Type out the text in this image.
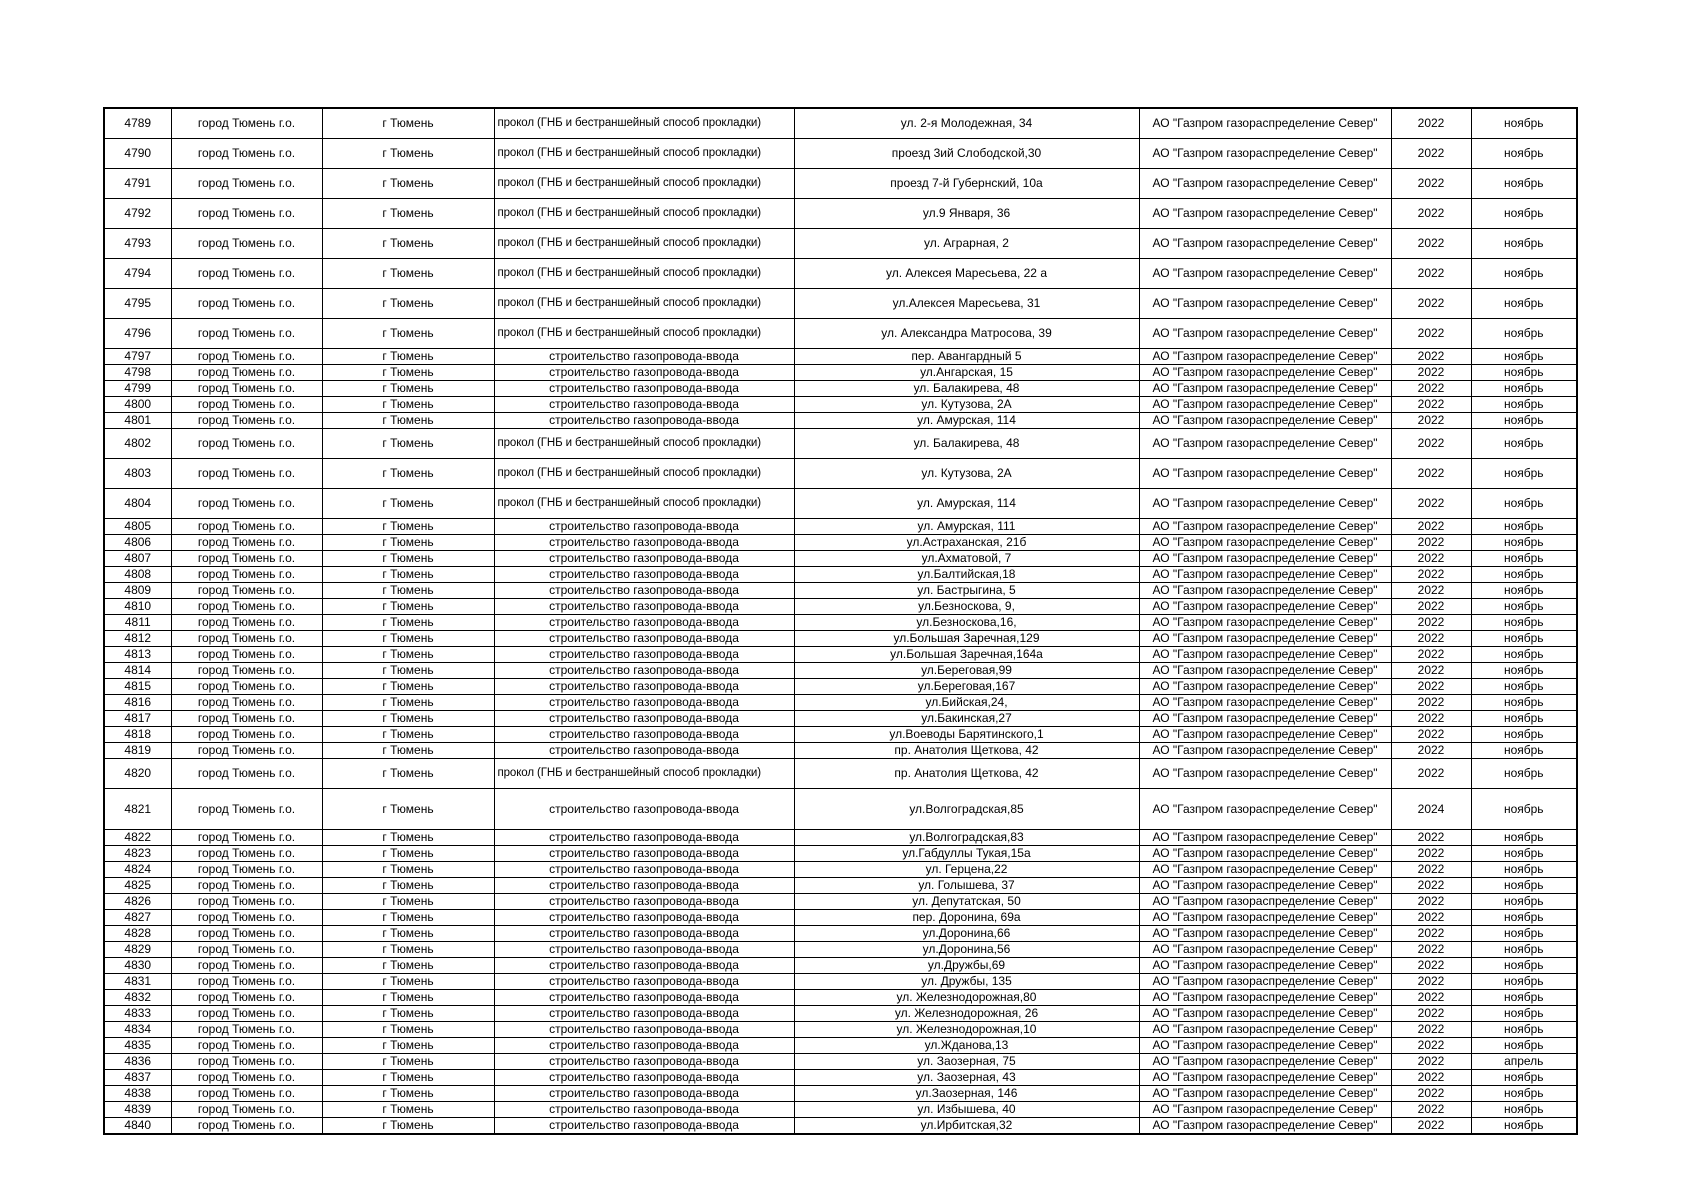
4789	город Тюмень г.о.	г Тюмень	прокол (ГНБ и бестраншейный способ прокладки)	ул. 2-я Молодежная, 34	АО "Газпром газораспределение Север"	2022	ноябрь
4790	город Тюмень г.о.	г Тюмень	прокол (ГНБ и бестраншейный способ прокладки)	проезд 3ий Слободской,30	АО "Газпром газораспределение Север"	2022	ноябрь
4791	город Тюмень г.о.	г Тюмень	прокол (ГНБ и бестраншейный способ прокладки)	проезд 7-й Губернский, 10а	АО "Газпром газораспределение Север"	2022	ноябрь
4792	город Тюмень г.о.	г Тюмень	прокол (ГНБ и бестраншейный способ прокладки)	ул.9 Января, 36	АО "Газпром газораспределение Север"	2022	ноябрь
4793	город Тюмень г.о.	г Тюмень	прокол (ГНБ и бестраншейный способ прокладки)	ул. Аграрная, 2	АО "Газпром газораспределение Север"	2022	ноябрь
4794	город Тюмень г.о.	г Тюмень	прокол (ГНБ и бестраншейный способ прокладки)	ул. Алексея Маресьева, 22 а	АО "Газпром газораспределение Север"	2022	ноябрь
4795	город Тюмень г.о.	г Тюмень	прокол (ГНБ и бестраншейный способ прокладки)	ул.Алексея Маресьева, 31	АО "Газпром газораспределение Север"	2022	ноябрь
4796	город Тюмень г.о.	г Тюмень	прокол (ГНБ и бестраншейный способ прокладки)	ул. Александра Матросова, 39	АО "Газпром газораспределение Север"	2022	ноябрь
4797	город Тюмень г.о.	г Тюмень	строительство газопровода-ввода	пер. Авангардный 5	АО "Газпром газораспределение Север"	2022	ноябрь
4798	город Тюмень г.о.	г Тюмень	строительство газопровода-ввода	ул.Ангарская, 15	АО "Газпром газораспределение Север"	2022	ноябрь
4799	город Тюмень г.о.	г Тюмень	строительство газопровода-ввода	ул. Балакирева, 48	АО "Газпром газораспределение Север"	2022	ноябрь
4800	город Тюмень г.о.	г Тюмень	строительство газопровода-ввода	ул. Кутузова, 2А	АО "Газпром газораспределение Север"	2022	ноябрь
4801	город Тюмень г.о.	г Тюмень	строительство газопровода-ввода	ул. Амурская, 114	АО "Газпром газораспределение Север"	2022	ноябрь
4802	город Тюмень г.о.	г Тюмень	прокол (ГНБ и бестраншейный способ прокладки)	ул. Балакирева, 48	АО "Газпром газораспределение Север"	2022	ноябрь
4803	город Тюмень г.о.	г Тюмень	прокол (ГНБ и бестраншейный способ прокладки)	ул. Кутузова, 2А	АО "Газпром газораспределение Север"	2022	ноябрь
4804	город Тюмень г.о.	г Тюмень	прокол (ГНБ и бестраншейный способ прокладки)	ул. Амурская, 114	АО "Газпром газораспределение Север"	2022	ноябрь
4805	город Тюмень г.о.	г Тюмень	строительство газопровода-ввода	ул. Амурская, 111	АО "Газпром газораспределение Север"	2022	ноябрь
4806	город Тюмень г.о.	г Тюмень	строительство газопровода-ввода	ул.Астраханская, 21б	АО "Газпром газораспределение Север"	2022	ноябрь
4807	город Тюмень г.о.	г Тюмень	строительство газопровода-ввода	ул.Ахматовой, 7	АО "Газпром газораспределение Север"	2022	ноябрь
4808	город Тюмень г.о.	г Тюмень	строительство газопровода-ввода	ул.Балтийская,18	АО "Газпром газораспределение Север"	2022	ноябрь
4809	город Тюмень г.о.	г Тюмень	строительство газопровода-ввода	ул. Бастрыгина, 5	АО "Газпром газораспределение Север"	2022	ноябрь
4810	город Тюмень г.о.	г Тюмень	строительство газопровода-ввода	ул.Безноскова, 9,	АО "Газпром газораспределение Север"	2022	ноябрь
4811	город Тюмень г.о.	г Тюмень	строительство газопровода-ввода	ул.Безноскова,16,	АО "Газпром газораспределение Север"	2022	ноябрь
4812	город Тюмень г.о.	г Тюмень	строительство газопровода-ввода	ул.Большая Заречная,129	АО "Газпром газораспределение Север"	2022	ноябрь
4813	город Тюмень г.о.	г Тюмень	строительство газопровода-ввода	ул.Большая Заречная,164а	АО "Газпром газораспределение Север"	2022	ноябрь
4814	город Тюмень г.о.	г Тюмень	строительство газопровода-ввода	ул.Береговая,99	АО "Газпром газораспределение Север"	2022	ноябрь
4815	город Тюмень г.о.	г Тюмень	строительство газопровода-ввода	ул.Береговая,167	АО "Газпром газораспределение Север"	2022	ноябрь
4816	город Тюмень г.о.	г Тюмень	строительство газопровода-ввода	ул.Бийская,24,	АО "Газпром газораспределение Север"	2022	ноябрь
4817	город Тюмень г.о.	г Тюмень	строительство газопровода-ввода	ул.Бакинская,27	АО "Газпром газораспределение Север"	2022	ноябрь
4818	город Тюмень г.о.	г Тюмень	строительство газопровода-ввода	ул.Воеводы Барятинского,1	АО "Газпром газораспределение Север"	2022	ноябрь
4819	город Тюмень г.о.	г Тюмень	строительство газопровода-ввода	пр. Анатолия Щеткова, 42	АО "Газпром газораспределение Север"	2022	ноябрь
4820	город Тюмень г.о.	г Тюмень	прокол (ГНБ и бестраншейный способ прокладки)	пр. Анатолия Щеткова, 42	АО "Газпром газораспределение Север"	2022	ноябрь
4821	город Тюмень г.о.	г Тюмень	строительство газопровода-ввода	ул.Волгоградская,85	АО "Газпром газораспределение Север"	2024	ноябрь
4822	город Тюмень г.о.	г Тюмень	строительство газопровода-ввода	ул.Волгоградская,83	АО "Газпром газораспределение Север"	2022	ноябрь
4823	город Тюмень г.о.	г Тюмень	строительство газопровода-ввода	ул.Габдуллы Тукая,15а	АО "Газпром газораспределение Север"	2022	ноябрь
4824	город Тюмень г.о.	г Тюмень	строительство газопровода-ввода	ул. Герцена,22	АО "Газпром газораспределение Север"	2022	ноябрь
4825	город Тюмень г.о.	г Тюмень	строительство газопровода-ввода	ул. Голышева, 37	АО "Газпром газораспределение Север"	2022	ноябрь
4826	город Тюмень г.о.	г Тюмень	строительство газопровода-ввода	ул. Депутатская, 50	АО "Газпром газораспределение Север"	2022	ноябрь
4827	город Тюмень г.о.	г Тюмень	строительство газопровода-ввода	пер. Доронина, 69а	АО "Газпром газораспределение Север"	2022	ноябрь
4828	город Тюмень г.о.	г Тюмень	строительство газопровода-ввода	ул.Доронина,66	АО "Газпром газораспределение Север"	2022	ноябрь
4829	город Тюмень г.о.	г Тюмень	строительство газопровода-ввода	ул.Доронина,56	АО "Газпром газораспределение Север"	2022	ноябрь
4830	город Тюмень г.о.	г Тюмень	строительство газопровода-ввода	ул.Дружбы,69	АО "Газпром газораспределение Север"	2022	ноябрь
4831	город Тюмень г.о.	г Тюмень	строительство газопровода-ввода	ул. Дружбы, 135	АО "Газпром газораспределение Север"	2022	ноябрь
4832	город Тюмень г.о.	г Тюмень	строительство газопровода-ввода	ул. Железнодорожная,80	АО "Газпром газораспределение Север"	2022	ноябрь
4833	город Тюмень г.о.	г Тюмень	строительство газопровода-ввода	ул. Железнодорожная, 26	АО "Газпром газораспределение Север"	2022	ноябрь
4834	город Тюмень г.о.	г Тюмень	строительство газопровода-ввода	ул. Железнодорожная,10	АО "Газпром газораспределение Север"	2022	ноябрь
4835	город Тюмень г.о.	г Тюмень	строительство газопровода-ввода	ул.Жданова,13	АО "Газпром газораспределение Север"	2022	ноябрь
4836	город Тюмень г.о.	г Тюмень	строительство газопровода-ввода	ул. Заозерная, 75	АО "Газпром газораспределение Север"	2022	апрель
4837	город Тюмень г.о.	г Тюмень	строительство газопровода-ввода	ул. Заозерная, 43	АО "Газпром газораспределение Север"	2022	ноябрь
4838	город Тюмень г.о.	г Тюмень	строительство газопровода-ввода	ул.Заозерная, 146	АО "Газпром газораспределение Север"	2022	ноябрь
4839	город Тюмень г.о.	г Тюмень	строительство газопровода-ввода	ул. Избышева, 40	АО "Газпром газораспределение Север"	2022	ноябрь
4840	город Тюмень г.о.	г Тюмень	строительство газопровода-ввода	ул.Ирбитская,32	АО "Газпром газораспределение Север"	2022	ноябрь
